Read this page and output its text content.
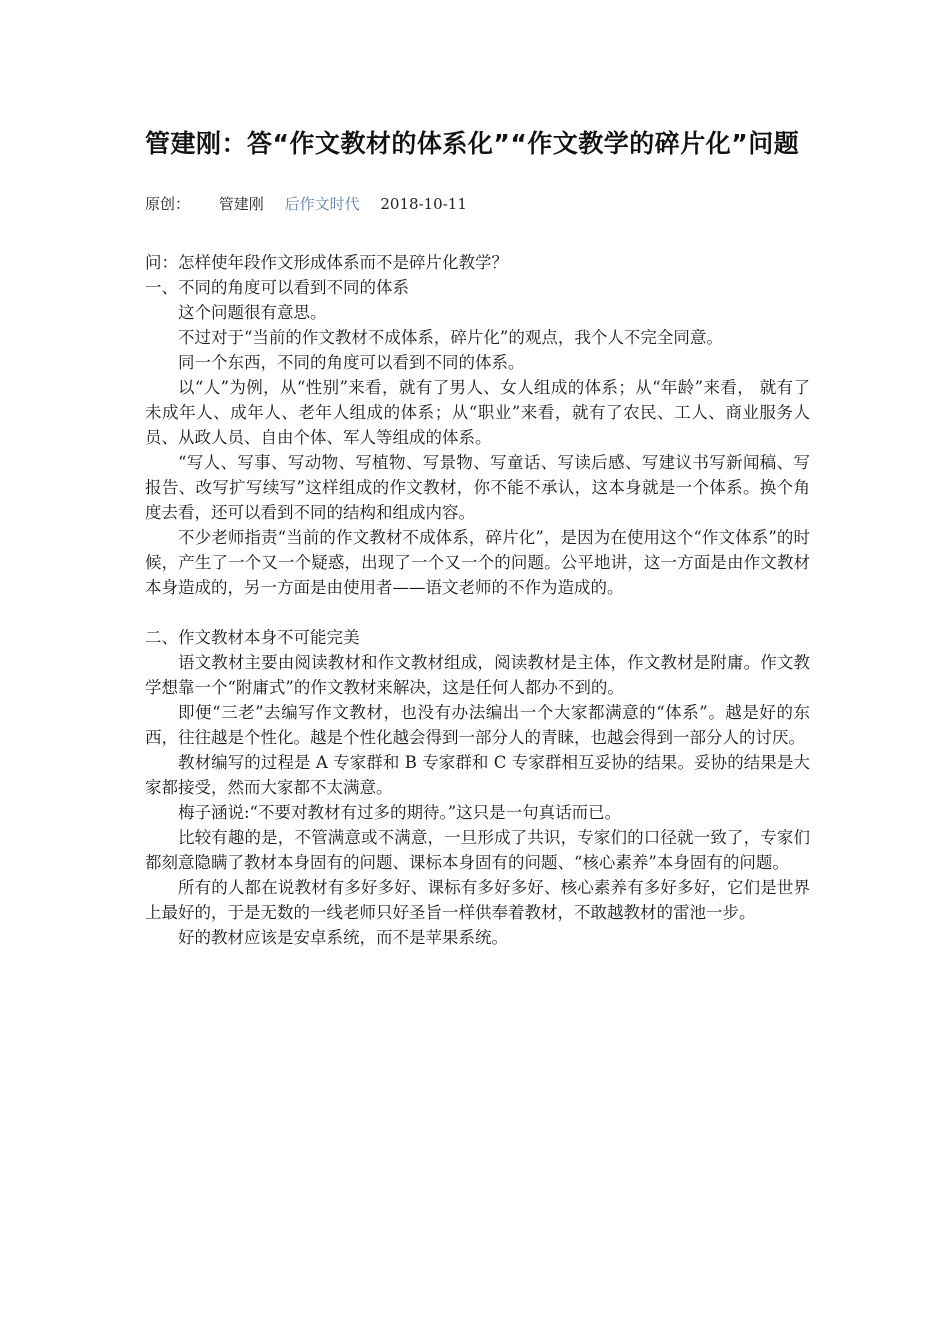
管建刚：答“作文教材的体系化”“作文教学的碎片化”问题
原创： 管建刚 后作文时代 2018-10-11

问：怎样使年段作文形成体系而不是碎片化教学？

一、不同的角度可以看到不同的体系

这个问题很有意思。

不过对于“当前的作文教材不成体系，碎片化”的观点，我个人不完全同意。

同一个东西，不同的角度可以看到不同的体系。

以“人”为例，从“性别”来看，就有了男人、女人组成的体系；从“年龄”来看， 就有了未成年人、成年人、老年人组成的体系；从“职业”来看，就有了农民、工人、商业服务人员、从政人员、自由个体、军人等组成的体系。

“写人、写事、写动物、写植物、写景物、写童话、写读后感、写建议书写新闻稿、写报告、改写扩写续写”这样组成的作文教材，你不能不承认，这本身就是一个体系。换个角度去看，还可以看到不同的结构和组成内容。

不少老师指责“当前的作文教材不成体系，碎片化”，是因为在使用这个“作文体系”的时候，产生了一个又一个疑惑，出现了一个又一个的问题。公平地讲，这一方面是由作文教材本身造成的，另一方面是由使用者——语文老师的不作为造成的。

二、作文教材本身不可能完美

语文教材主要由阅读教材和作文教材组成，阅读教材是主体，作文教材是附庸。作文教学想靠一个“附庸式”的作文教材来解决，这是任何人都办不到的。

即便“三老”去编写作文教材，也没有办法编出一个大家都满意的“体系”。越是好的东西，往往越是个性化。越是个性化越会得到一部分人的青睐，也越会得到一部分人的讨厌。

教材编写的过程是 A 专家群和 B 专家群和 C 专家群相互妥协的结果。妥协的结果是大家都接受，然而大家都不太满意。

梅子涵说:“不要对教材有过多的期待。”这只是一句真话而已。

比较有趣的是，不管满意或不满意，一旦形成了共识，专家们的口径就一致了，专家们都刻意隐瞒了教材本身固有的问题、课标本身固有的问题、“核心素养”本身固有的问题。

所有的人都在说教材有多好多好、课标有多好多好、核心素养有多好多好，它们是世界上最好的，于是无数的一线老师只好圣旨一样供奉着教材，不敢越教材的雷池一步。

好的教材应该是安卓系统，而不是苹果系统。
